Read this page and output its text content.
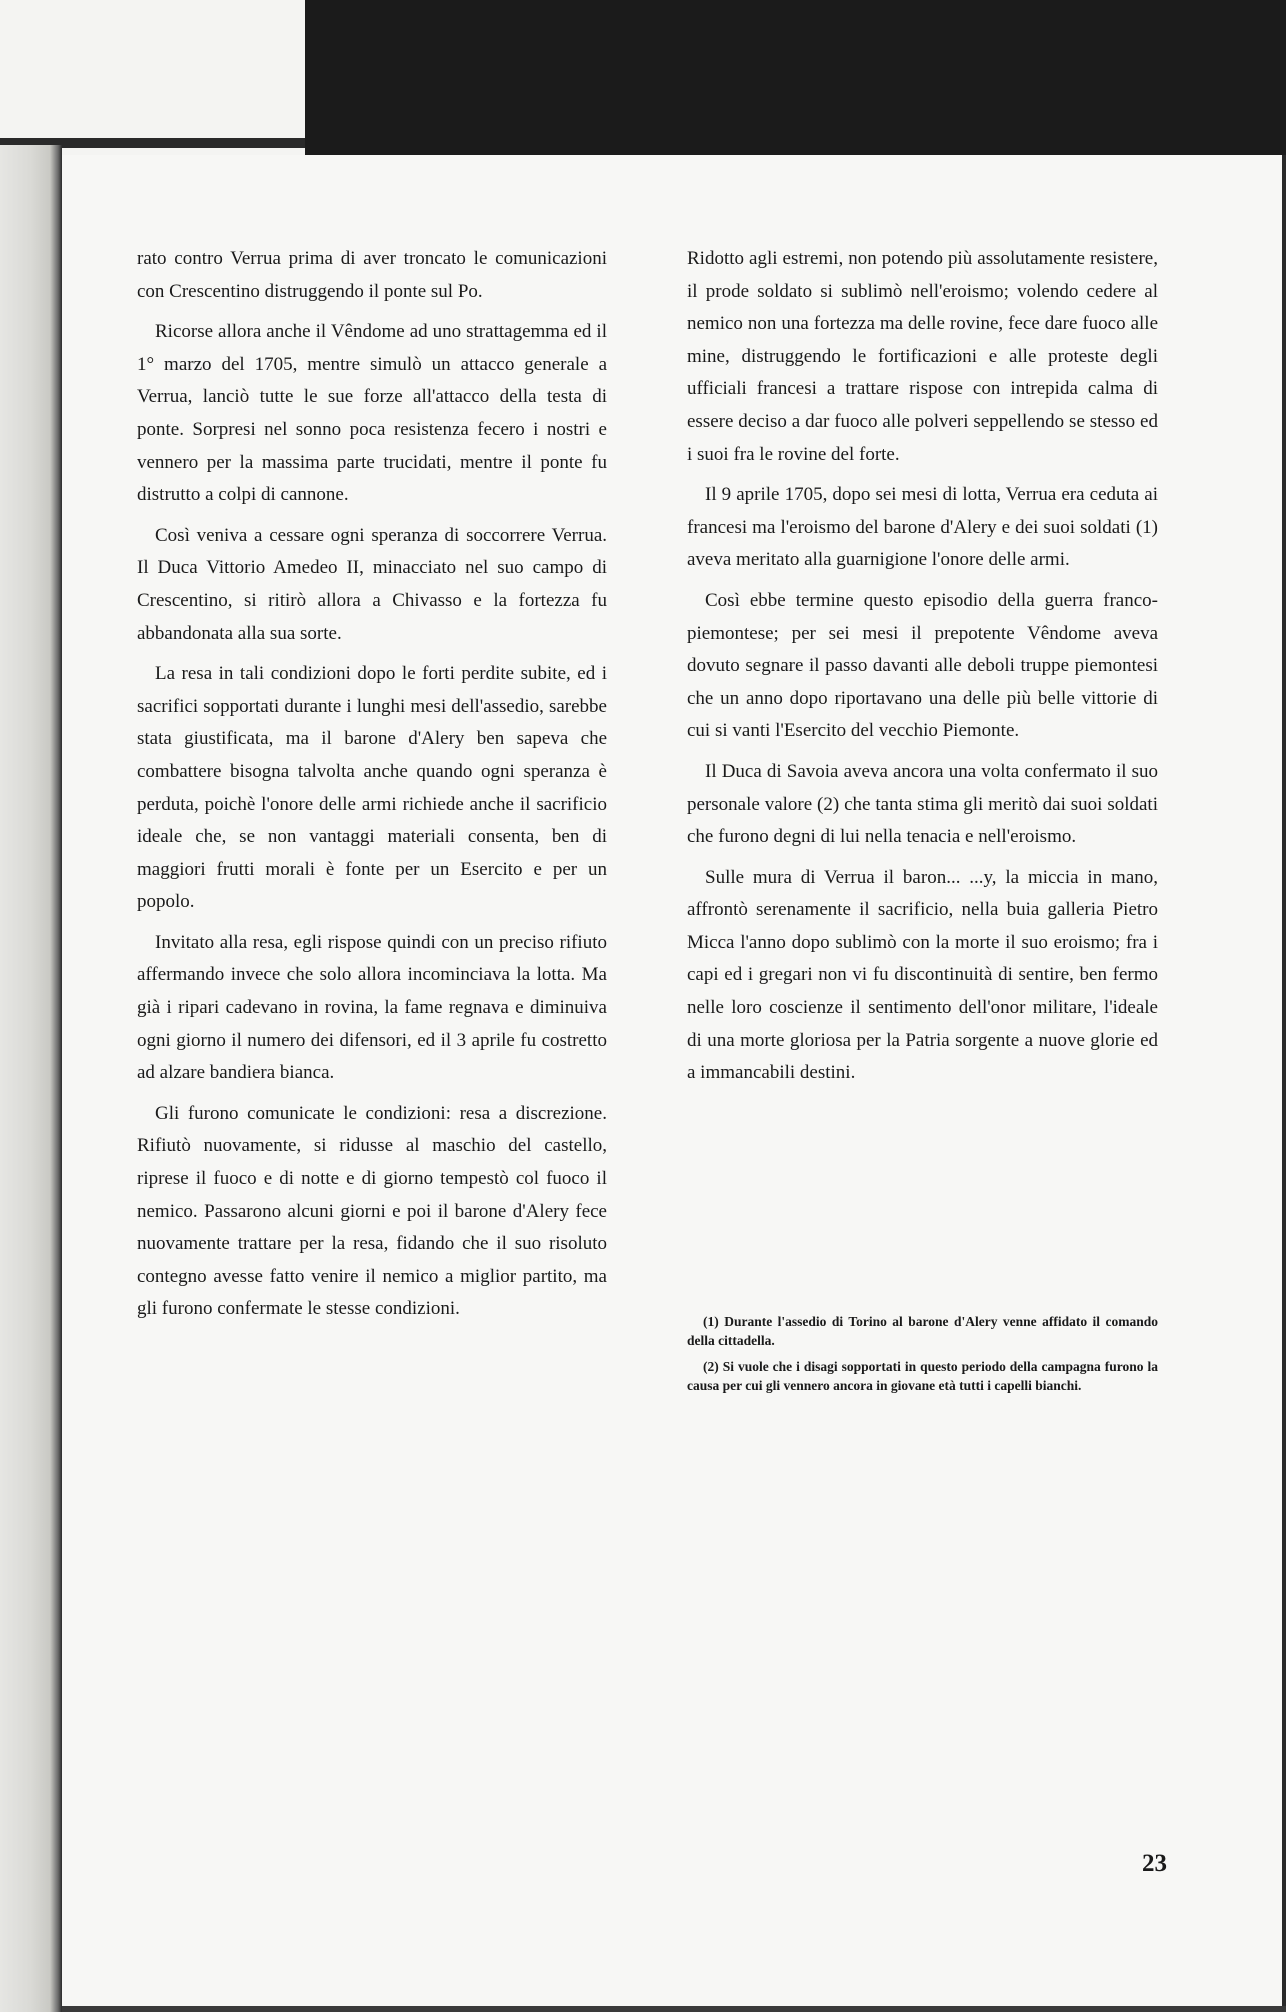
rato contro Verrua prima di aver troncato le comunicazioni con Crescentino distruggendo il ponte sul Po.

Ricorse allora anche il Vêndome ad uno strattagemma ed il 1° marzo del 1705, mentre simulò un attacco generale a Verrua, lanciò tutte le sue forze all'attacco della testa di ponte. Sorpresi nel sonno poca resistenza fecero i nostri e vennero per la massima parte trucidati, mentre il ponte fu distrutto a colpi di cannone.

Così veniva a cessare ogni speranza di soccorrere Verrua. Il Duca Vittorio Amedeo II, minacciato nel suo campo di Crescentino, si ritirò allora a Chivasso e la fortezza fu abbandonata alla sua sorte.

La resa in tali condizioni dopo le forti perdite subite, ed i sacrifici sopportati durante i lunghi mesi dell'assedio, sarebbe stata giustificata, ma il barone d'Alery ben sapeva che combattere bisogna talvolta anche quando ogni speranza è perduta, poichè l'onore delle armi richiede anche il sacrificio ideale che, se non vantaggi materiali consenta, ben di maggiori frutti morali è fonte per un Esercito e per un popolo.

Invitato alla resa, egli rispose quindi con un preciso rifiuto affermando invece che solo allora incominciava la lotta. Ma già i ripari cadevano in rovina, la fame regnava e diminuiva ogni giorno il numero dei difensori, ed il 3 aprile fu costretto ad alzare bandiera bianca.

Gli furono comunicate le condizioni: resa a discrezione. Rifiutò nuovamente, si ridusse al maschio del castello, riprese il fuoco e di notte e di giorno tempestò col fuoco il nemico. Passarono alcuni giorni e poi il barone d'Alery fece nuovamente trattare per la resa, fidando che il suo risoluto contegno avesse fatto venire il nemico a miglior partito, ma gli furono confermate le stesse condizioni.

Ridotto agli estremi, non potendo più assolutamente resistere, il prode soldato si sublimò nell'eroismo; volendo cedere al nemico non una fortezza ma delle rovine, fece dare fuoco alle mine, distruggendo le fortificazioni e alle proteste degli ufficiali francesi a trattare rispose con intrepida calma di essere deciso a dar fuoco alle polveri seppellendo se stesso ed i suoi fra le rovine del forte.

Il 9 aprile 1705, dopo sei mesi di lotta, Verrua era ceduta ai francesi ma l'eroismo del barone d'Alery e dei suoi soldati (1) aveva meritato alla guarnigione l'onore delle armi.

Così ebbe termine questo episodio della guerra franco-piemontese; per sei mesi il prepotente Vêndome aveva dovuto segnare il passo davanti alle deboli truppe piemontesi che un anno dopo riportavano una delle più belle vittorie di cui si vanti l'Esercito del vecchio Piemonte.

Il Duca di Savoia aveva ancora una volta confermato il suo personale valore (2) che tanta stima gli meritò dai suoi soldati che furono degni di lui nella tenacia e nell'eroismo.

Sulle mura di Verrua il baron... ...y, la miccia in mano, affrontò serenamente il sacrificio, nella buia galleria Pietro Micca l'anno dopo sublimò con la morte il suo eroismo; fra i capi ed i gregari non vi fu discontinuità di sentire, ben fermo nelle loro coscienze il sentimento dell'onor militare, l'ideale di una morte gloriosa per la Patria sorgente a nuove glorie ed a immancabili destini.

(1) Durante l'assedio di Torino al barone d'Alery venne affidato il comando della cittadella.

(2) Si vuole che i disagi sopportati in questo periodo della campagna furono la causa per cui gli vennero ancora in giovane età tutti i capelli bianchi.

23
